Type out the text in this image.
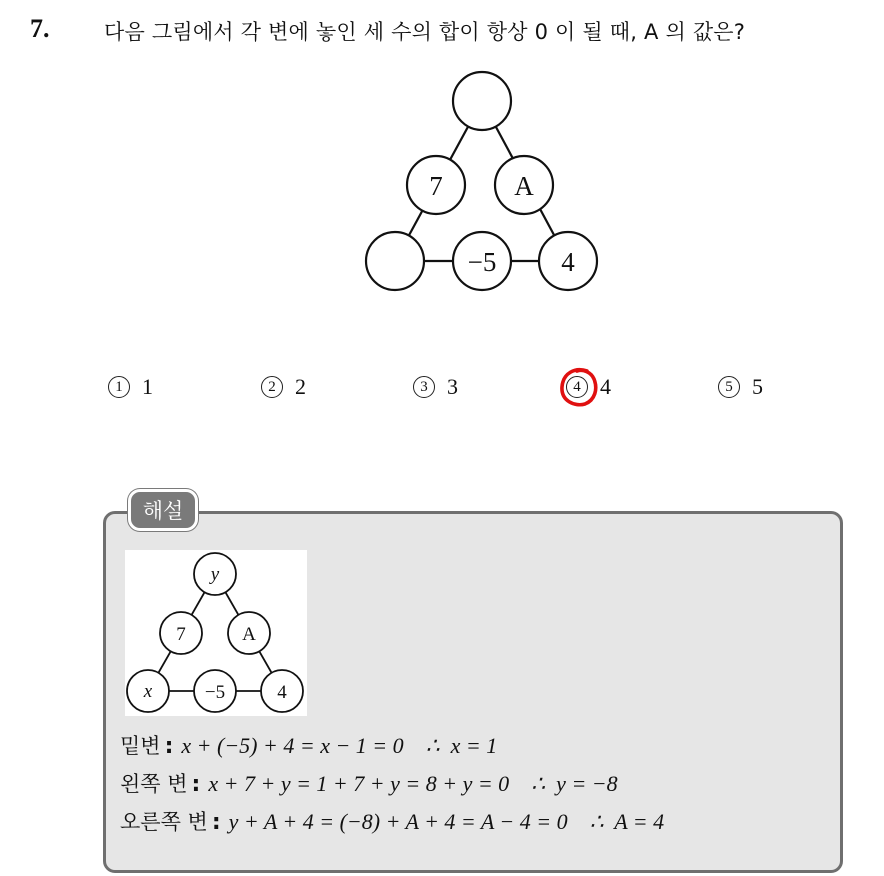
7.	다음 그림에서 각 변에 놓인 세 수의 합이 항상 0 이 될 때, A 의 값은?
7	A
−5 4
1 1	2 2	3 3	4 4	5 5
해설
y
7	A
x	−5	4
밑변 : x + (−5) + 4 = x − 1 = 0    ∴  x = 1
왼쪽 변 : x + 7 + y = 1 + 7 + y = 8 + y = 0    ∴  y = −8
오른쪽 변 : y + A + 4 = (−8) + A + 4 = A − 4 = 0    ∴  A = 4
